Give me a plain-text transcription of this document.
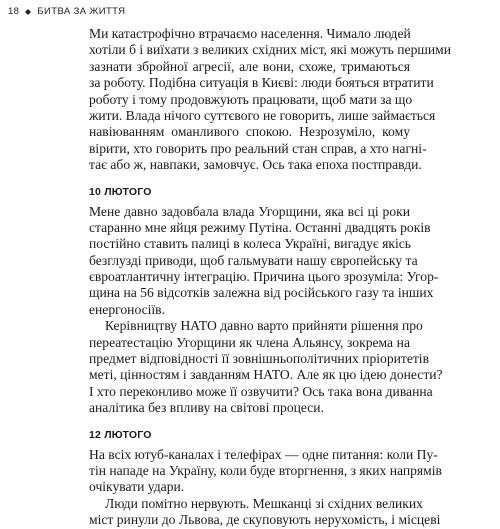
18 БИТВА ЗА ЖИТТЯ
Ми катастрофічно втрачаємо населення. Чимало людей
хотіли б і виїхати з великих східних міст, які можуть першими
зазнати збройної агресії, але вони, схоже, тримаються
за роботу. Подібна ситуація в Києві: люди бояться втратити
роботу і тому продовжують працювати, щоб мати за що
жити. Влада нічого суттєвого не говорить, лише займається
навіюванням оманливого спокою. Незрозуміло, кому
вірити, хто говорить про реальний стан справ, а хто нагні-
тає або ж, навпаки, замовчує. Ось така епоха постправди.
10 ЛЮТОГО
Мене давно задовбала влада Угорщини, яка всі ці роки
старанно мне яйця режиму Путіна. Останні двадцять років
постійно ставить палиці в колеса Україні, вигадує якісь
безглузді приводи, щоб гальмувати нашу європейську та
євроатлантичну інтеграцію. Причина цього зрозуміла: Угор-
щина на 56 відсотків залежна від російського газу та інших
енергоносіїв.
Керівництву НАТО давно варто прийняти рішення про
переатестацію Угорщини як члена Альянсу, зокрема на
предмет відповідності її зовнішньополітичних пріоритетів
меті, цінностям і завданням НАТО. Але як цю ідею донести?
І хто переконливо може її озвучити? Ось така вона диванна
аналітика без впливу на світові процеси.
12 ЛЮТОГО
На всіх ютуб-каналах і телефірах — одне питання: коли Пу-
тін нападе на Україну, коли буде вторгнення, з яких напрямів
очікувати удари.
Люди помітно нервують. Мешканці зі східних великих
міст ринули до Львова, де скуповують нерухомість, і місцеві
